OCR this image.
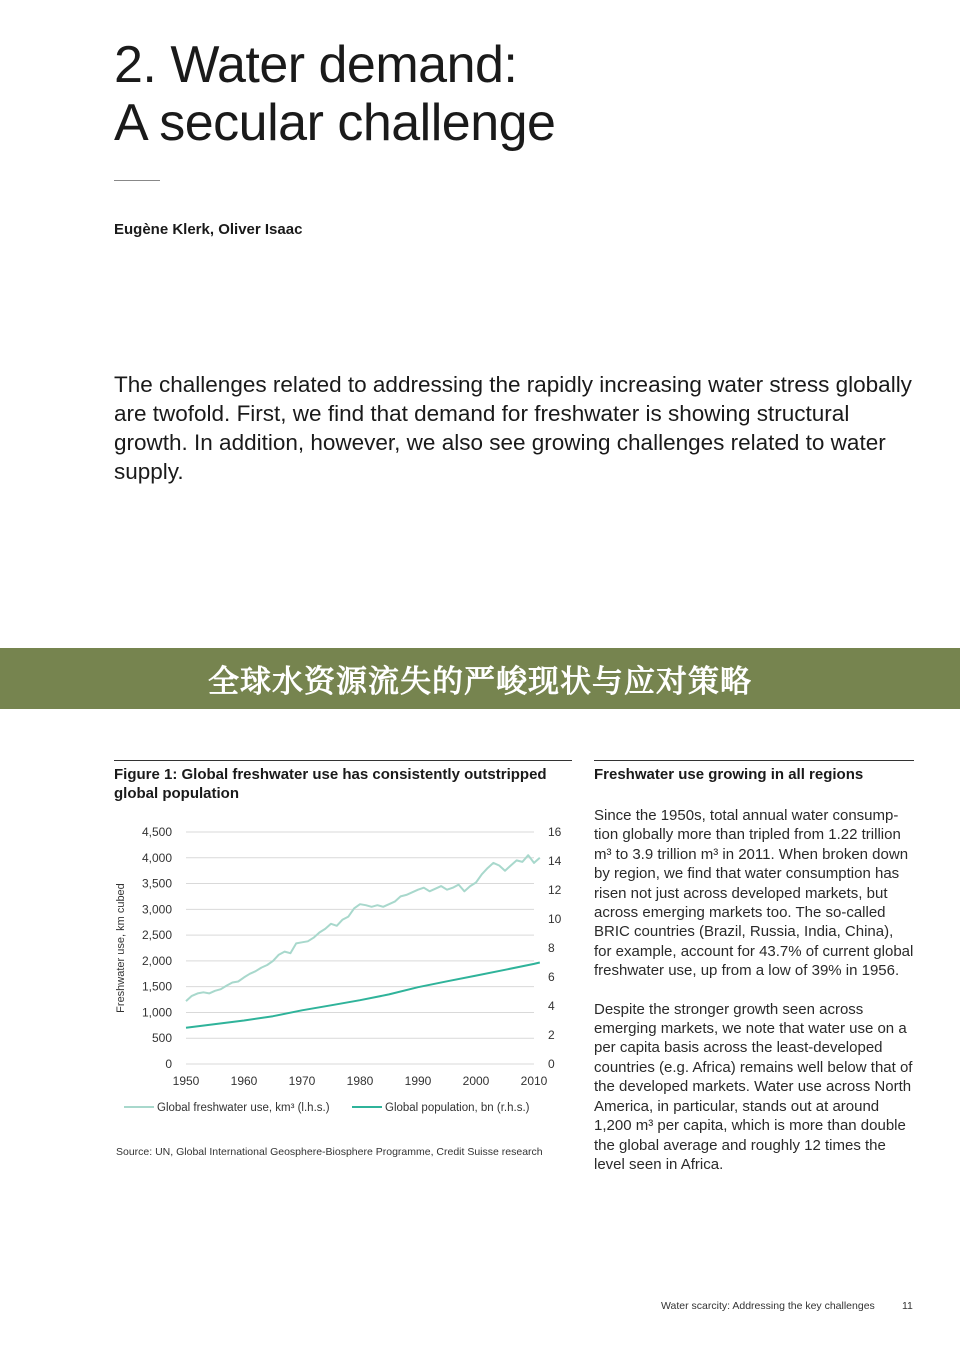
2. Water demand:
A secular challenge
Eugène Klerk, Oliver Isaac

The challenges related to addressing the rapidly increasing water stress globally are twofold. First, we find that demand for freshwater is showing structural growth. In addition, however, we also see growing challenges related to water supply.

全球水资源流失的严峻现状与应对策略
Figure 1: Global freshwater use has consistently outstripped global population
0
500
1,000
1,500
2,000
2,500
3,000
3,500
4,000
4,500
0
2
4
6
8
10
12
14
16
1950	1960	1970	1980	1990	2000	2010
Freshwater use, km cubed
Global freshwater use, km³ (l.h.s.)	Global population, bn (r.h.s.)
Source: UN, Global International Geosphere-Biosphere Programme, Credit Suisse research
Freshwater use growing in all regions

Since the 1950s, total annual water consump-tion globally more than tripled from 1.22 trillion m³ to 3.9 trillion m³ in 2011. When broken down by region, we find that water consumption has risen not just across developed markets, but across emerging markets too. The so-called BRIC countries (Brazil, Russia, India, China), for example, account for 43.7% of current global freshwater use, up from a low of 39% in 1956.

Despite the stronger growth seen across emerging markets, we note that water use on a per capita basis across the least-developed countries (e.g. Africa) remains well below that of the developed markets. Water use across North America, in particular, stands out at around 1,200 m³ per capita, which is more than double the global average and roughly 12 times the level seen in Africa.

Water scarcity: Addressing the key challenges	11
